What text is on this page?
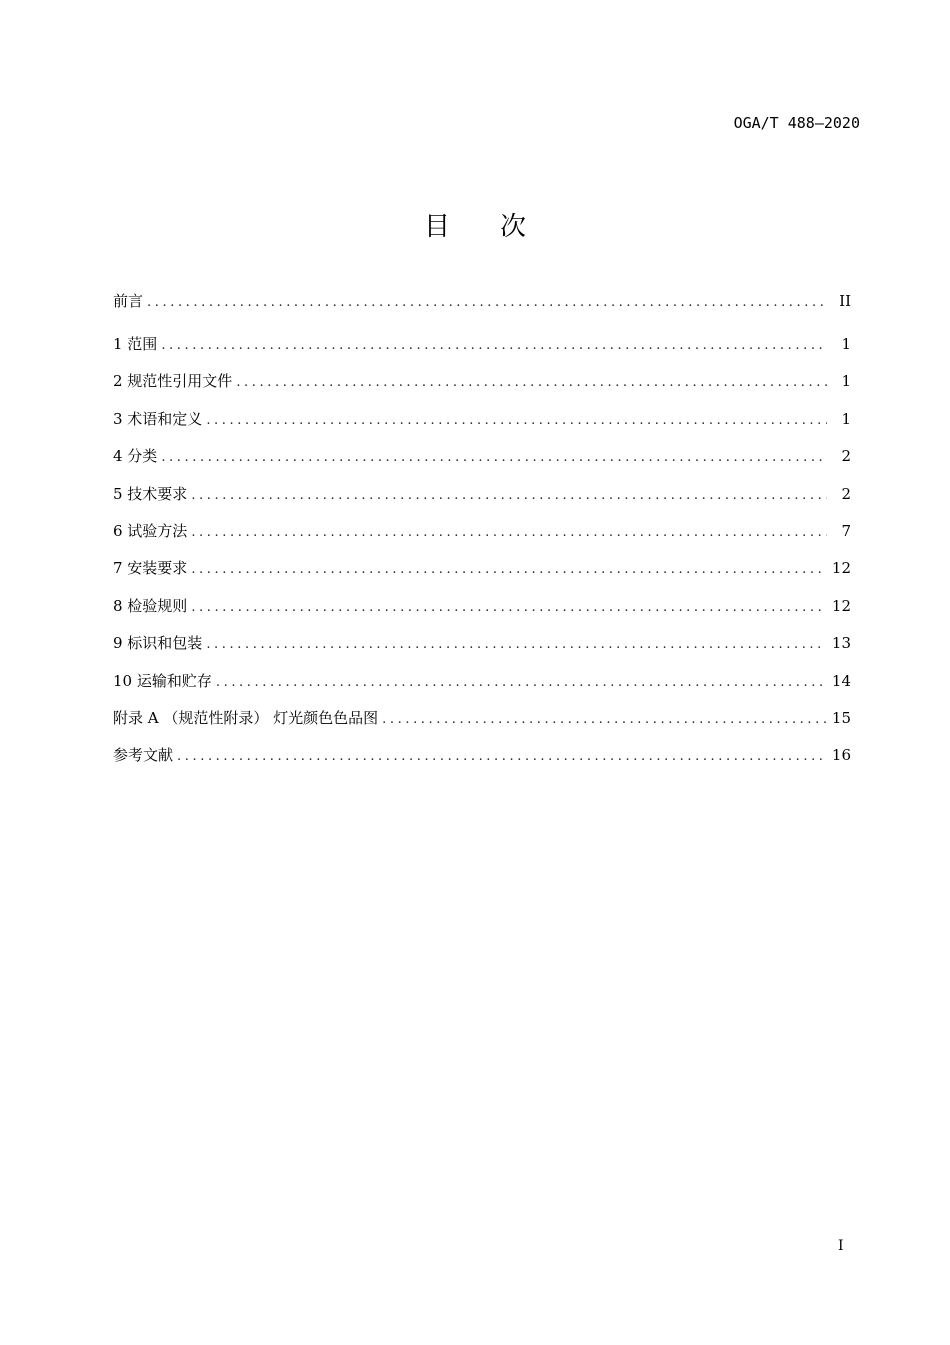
OGA/T 488—2020
目次
前言 .....	II
1 范围 .....	1
2 规范性引用文件 .....	1
3 术语和定义 .....	1
4 分类 .....	2
5 技术要求 .....	2
6 试验方法 .....	7
7 安装要求 .....	12
8 检验规则 .....	12
9 标识和包装 .....	13
10 运输和贮存 .....	14
附录 A （规范性附录） 灯光颜色色品图 .....	15
参考文献 .....	16
I
